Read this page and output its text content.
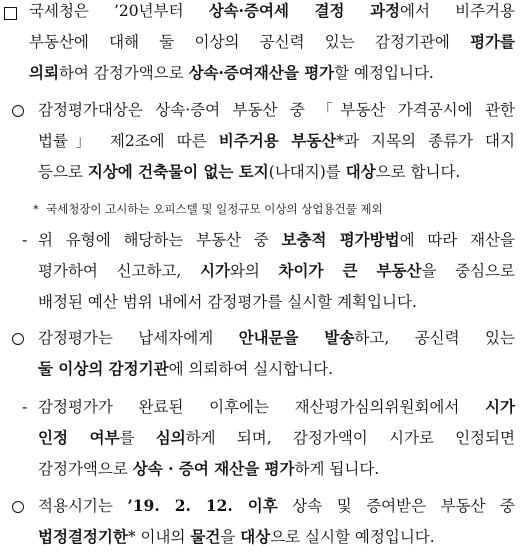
국세청은 ’20년부터 상속·증여세 결정 과정에서 비주거용
부동산에 대해 둘 이상의 공신력 있는 감정기관에 평가를
의뢰하여 감정가액으로 상속·증여재산을 평가할 예정입니다.
감정평가대상은 상속·증여 부동산 중 「부동산 가격공시에 관한
법률」 제2조에 따른 비주거용 부동산*과 지목의 종류가 대지
등으로 지상에 건축물이 없는 토지(나대지)를 대상으로 합니다.
* 국세청장이 고시하는 오피스텔 및 일정규모 이상의 상업용건물 제외
- 위 유형에 해당하는 부동산 중 보충적 평가방법에 따라 재산을
평가하여 신고하고, 시가와의 차이가 큰 부동산을 중심으로
배정된 예산 범위 내에서 감정평가를 실시할 계획입니다.
감정평가는 납세자에게 안내문을 발송하고, 공신력 있는
둘 이상의 감정기관에 의뢰하여 실시합니다.
- 감정평가가 완료된 이후에는 재산평가심의위원회에서 시가
인정 여부를 심의하게 되며, 감정가액이 시가로 인정되면
감정가액으로 상속 · 증여 재산을 평가하게 됩니다.
적용시기는 ’19. 2. 12. 이후 상속 및 증여받은 부동산 중
법정결정기한* 이내의 물건을 대상으로 실시할 예정입니다.
